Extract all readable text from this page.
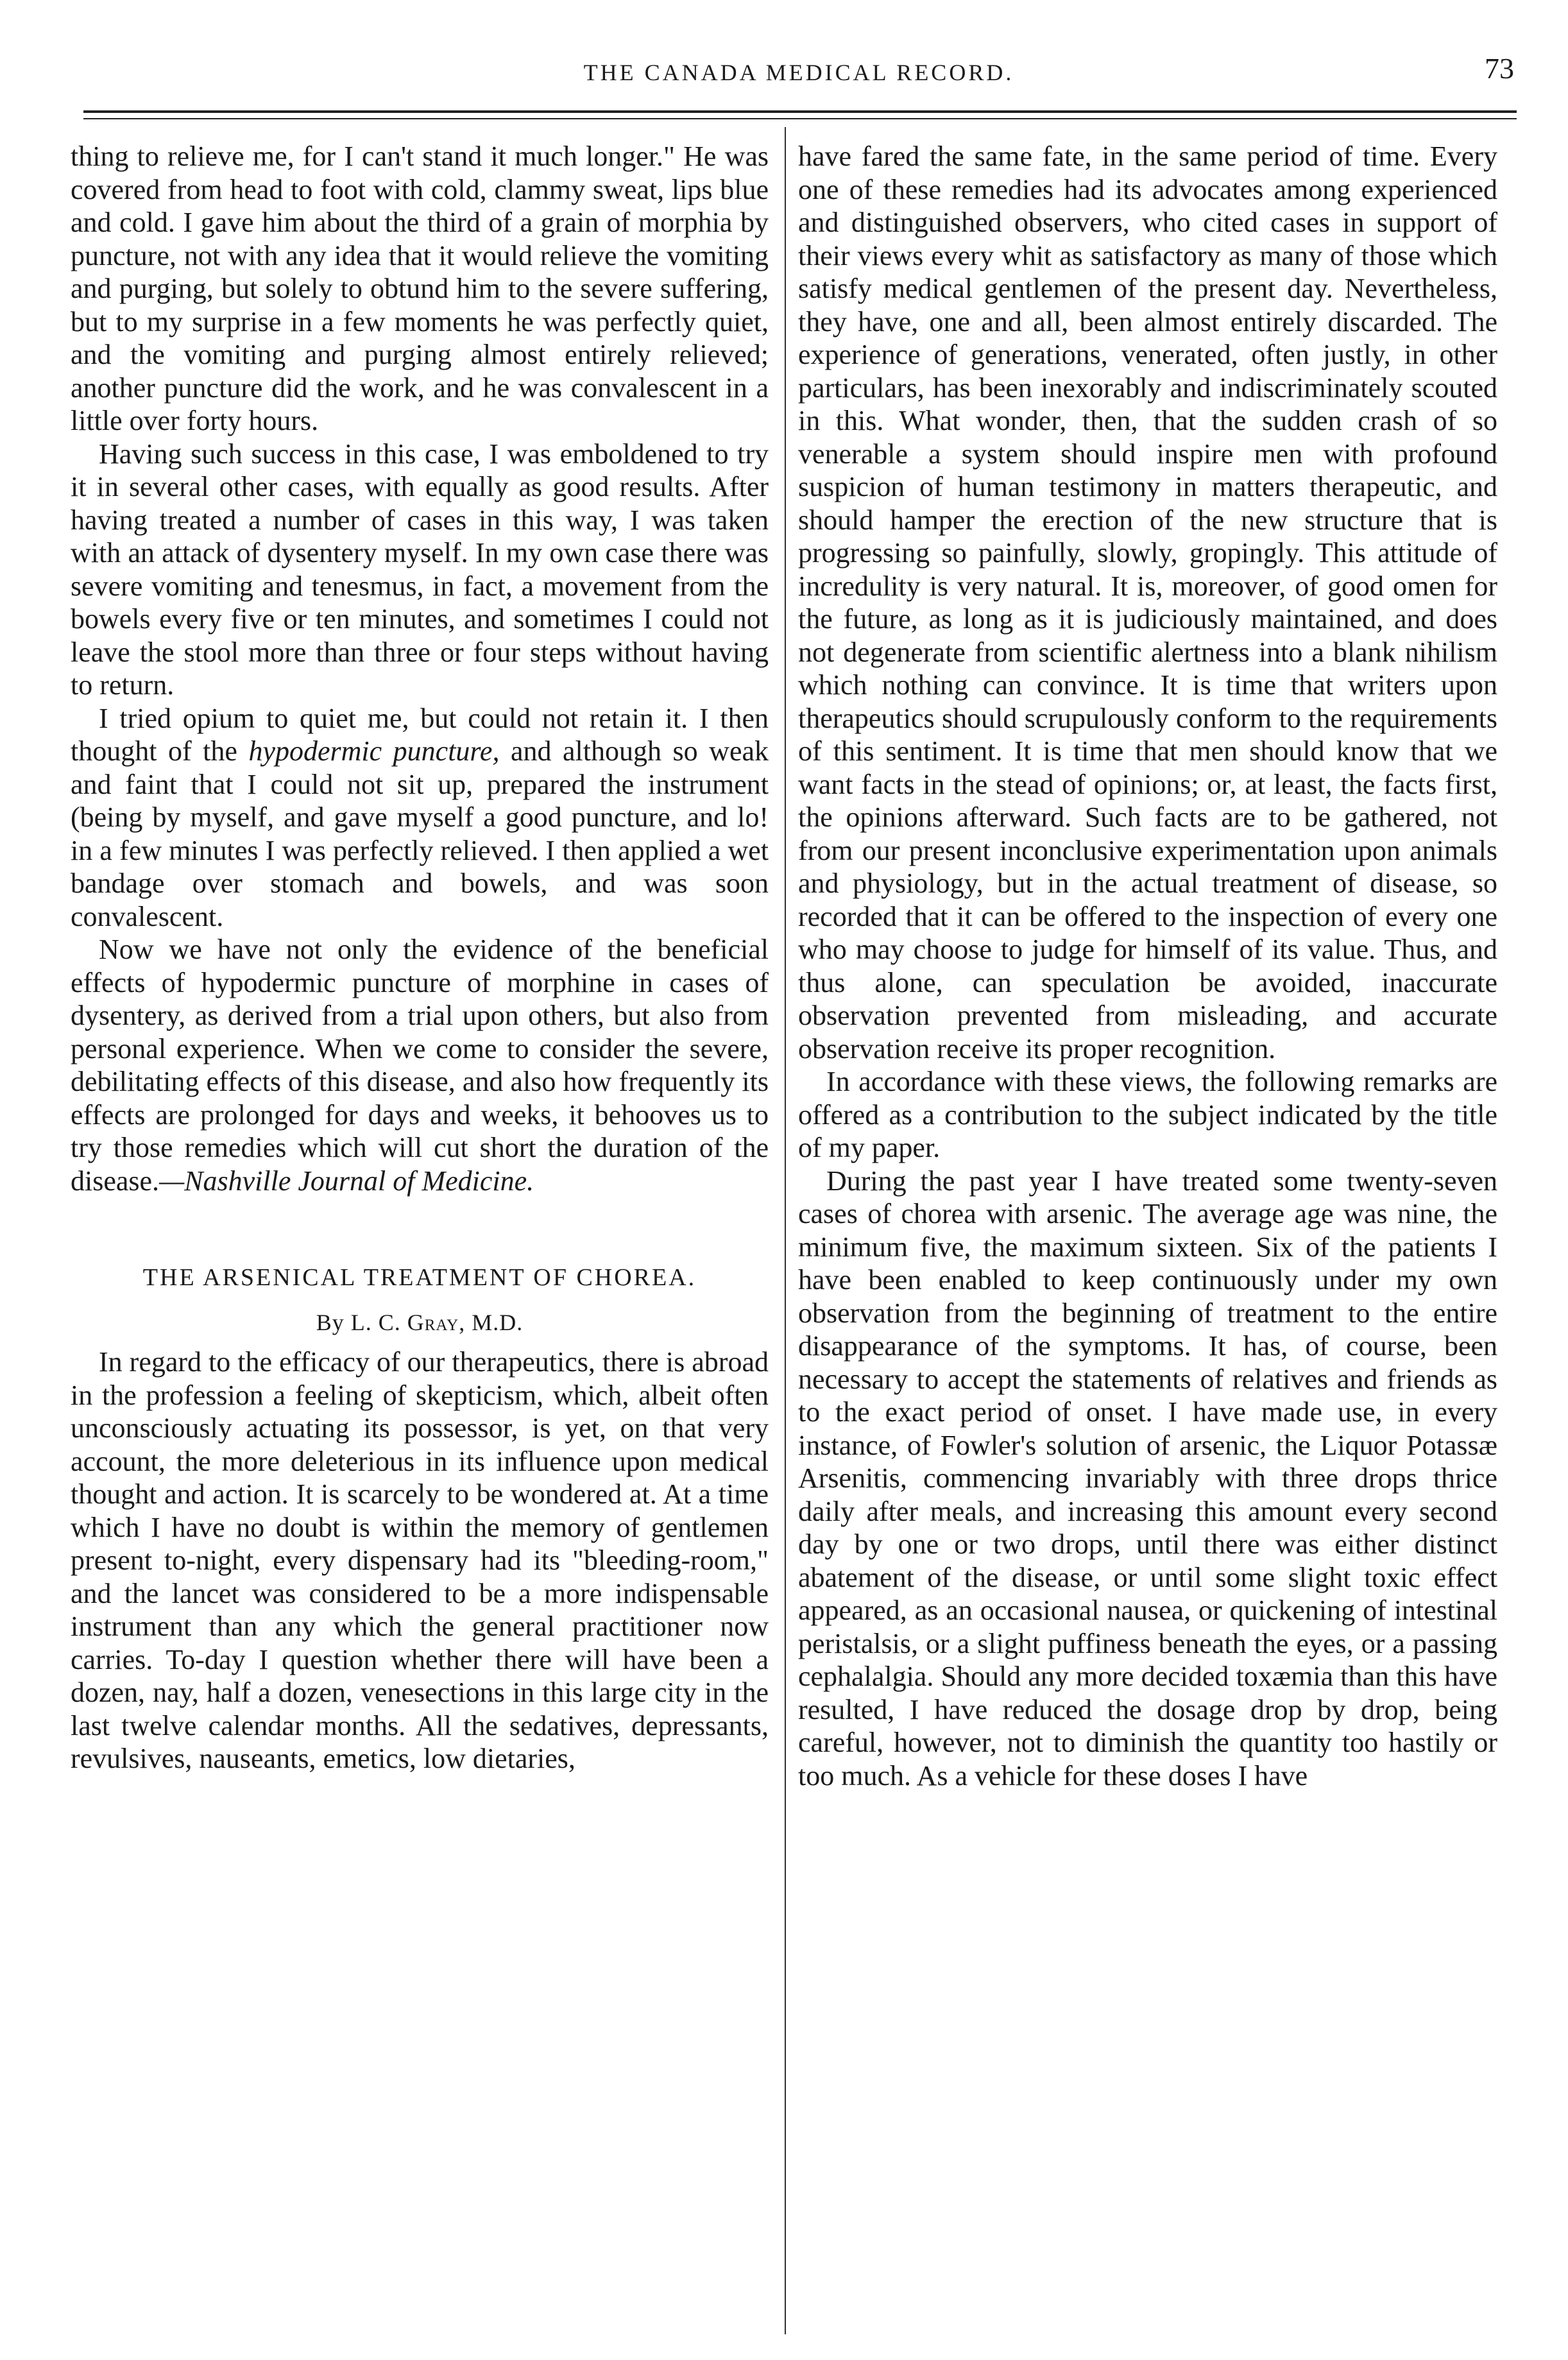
THE CANADA MEDICAL RECORD.	73

thing to relieve me, for I can't stand it much longer." He was covered from head to foot with cold, clammy sweat, lips blue and cold. I gave him about the third of a grain of morphia by puncture, not with any idea that it would relieve the vomiting and purging, but solely to obtund him to the severe suffering, but to my surprise in a few moments he was perfectly quiet, and the vomiting and purging almost entirely relieved; another puncture did the work, and he was convalescent in a little over forty hours.

Having such success in this case, I was emboldened to try it in several other cases, with equally as good results. After having treated a number of cases in this way, I was taken with an attack of dysentery myself. In my own case there was severe vomiting and tenesmus, in fact, a movement from the bowels every five or ten minutes, and sometimes I could not leave the stool more than three or four steps without having to return.

I tried opium to quiet me, but could not retain it. I then thought of the hypodermic puncture, and although so weak and faint that I could not sit up, prepared the instrument (being by myself, and gave myself a good puncture, and lo! in a few minutes I was perfectly relieved. I then applied a wet bandage over stomach and bowels, and was soon convalescent.

Now we have not only the evidence of the beneficial effects of hypodermic puncture of morphine in cases of dysentery, as derived from a trial upon others, but also from personal experience. When we come to consider the severe, debilitating effects of this disease, and also how frequently its effects are prolonged for days and weeks, it behooves us to try those remedies which will cut short the duration of the disease.—Nashville Journal of Medicine.

THE ARSENICAL TREATMENT OF CHOREA.
By L. C. Gray, M.D.

In regard to the efficacy of our therapeutics, there is abroad in the profession a feeling of skepticism, which, albeit often unconsciously actuating its possessor, is yet, on that very account, the more deleterious in its influence upon medical thought and action. It is scarcely to be wondered at. At a time which I have no doubt is within the memory of gentlemen present to-night, every dispensary had its "bleeding-room," and the lancet was considered to be a more indispensable instrument than any which the general practitioner now carries. To-day I question whether there will have been a dozen, nay, half a dozen, venesections in this large city in the last twelve calendar months. All the sedatives, depressants, revulsives, nauseants, emetics, low dietaries,

have fared the same fate, in the same period of time. Every one of these remedies had its advocates among experienced and distinguished observers, who cited cases in support of their views every whit as satisfactory as many of those which satisfy medical gentlemen of the present day. Nevertheless, they have, one and all, been almost entirely discarded. The experience of generations, venerated, often justly, in other particulars, has been inexorably and indiscriminately scouted in this. What wonder, then, that the sudden crash of so venerable a system should inspire men with profound suspicion of human testimony in matters therapeutic, and should hamper the erection of the new structure that is progressing so painfully, slowly, gropingly. This attitude of incredulity is very natural. It is, moreover, of good omen for the future, as long as it is judiciously maintained, and does not degenerate from scientific alertness into a blank nihilism which nothing can convince. It is time that writers upon therapeutics should scrupulously conform to the requirements of this sentiment. It is time that men should know that we want facts in the stead of opinions; or, at least, the facts first, the opinions afterward. Such facts are to be gathered, not from our present inconclusive experimentation upon animals and physiology, but in the actual treatment of disease, so recorded that it can be offered to the inspection of every one who may choose to judge for himself of its value. Thus, and thus alone, can speculation be avoided, inaccurate observation prevented from misleading, and accurate observation receive its proper recognition.

In accordance with these views, the following remarks are offered as a contribution to the subject indicated by the title of my paper.

During the past year I have treated some twenty-seven cases of chorea with arsenic. The average age was nine, the minimum five, the maximum sixteen. Six of the patients I have been enabled to keep continuously under my own observation from the beginning of treatment to the entire disappearance of the symptoms. It has, of course, been necessary to accept the statements of relatives and friends as to the exact period of onset. I have made use, in every instance, of Fowler's solution of arsenic, the Liquor Potassæ Arsenitis, commencing invariably with three drops thrice daily after meals, and increasing this amount every second day by one or two drops, until there was either distinct abatement of the disease, or until some slight toxic effect appeared, as an occasional nausea, or quickening of intestinal peristalsis, or a slight puffiness beneath the eyes, or a passing cephalalgia. Should any more decided toxæmia than this have resulted, I have reduced the dosage drop by drop, being careful, however, not to diminish the quantity too hastily or too much. As a vehicle for these doses I have
